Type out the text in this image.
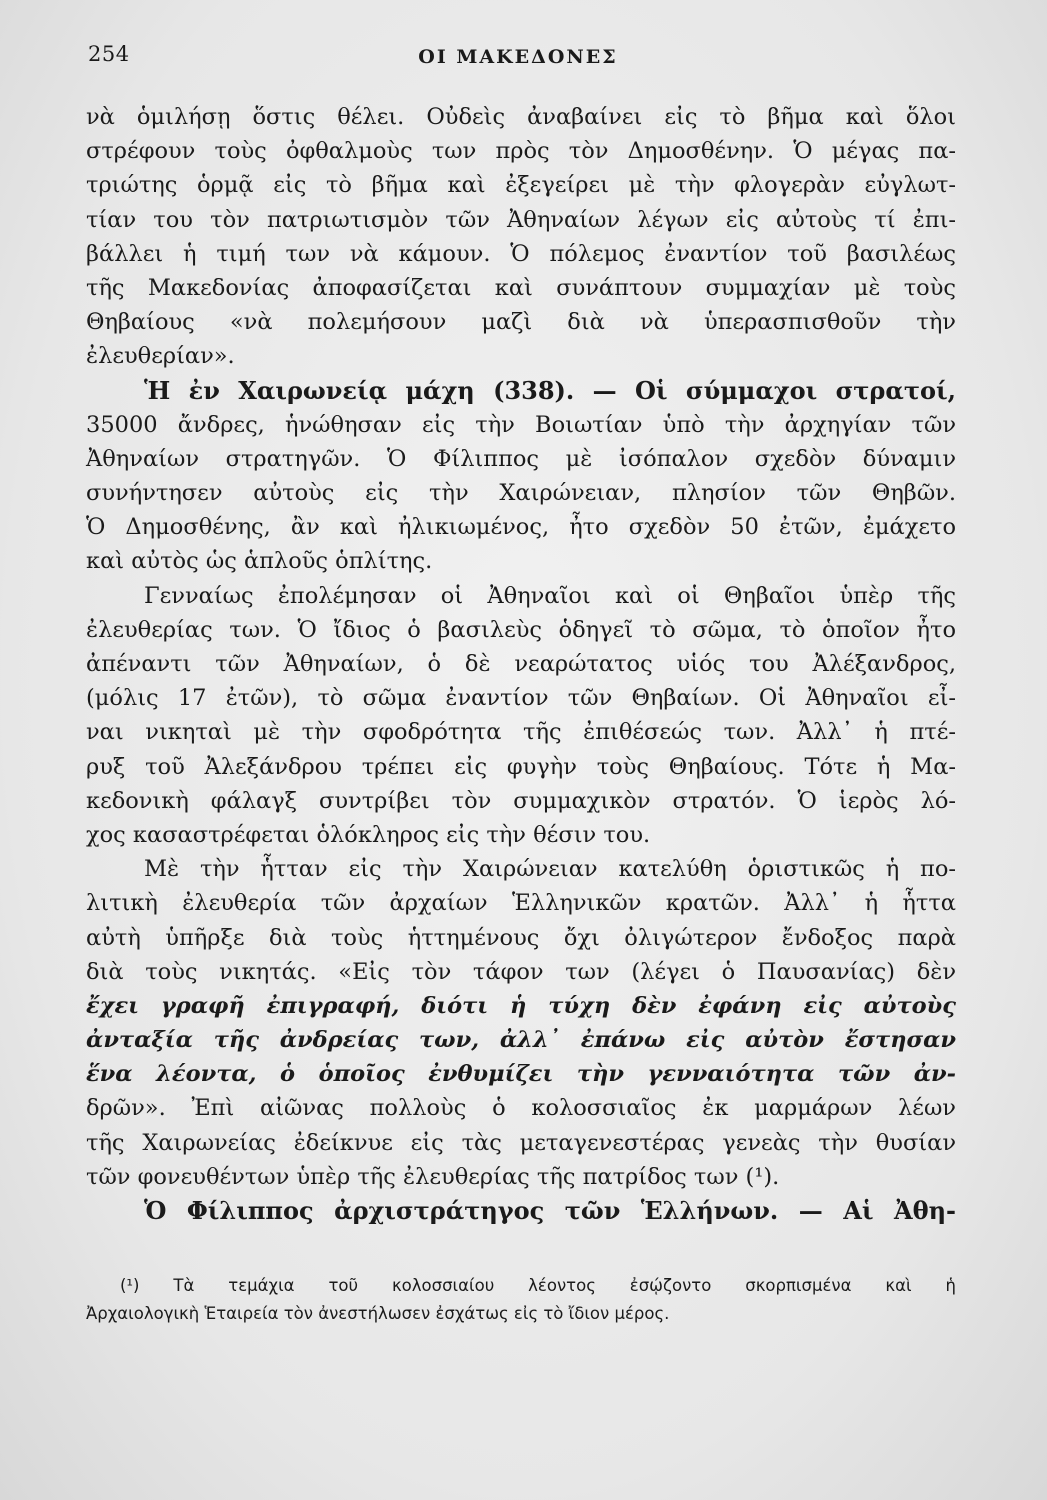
254	ΟΙ ΜΑΚΕΔΟΝΕΣ
νὰ ὁμιλήσῃ ὅστις θέλει. Οὐδεὶς ἀναβαίνει εἰς τὸ βῆμα καὶ ὅλοι
στρέφουν τοὺς ὀφθαλμοὺς των πρὸς τὸν Δημοσθένην. Ὁ μέγας πα-
τριώτης ὁρμᾷ εἰς τὸ βῆμα καὶ ἐξεγείρει μὲ τὴν φλογερὰν εὐγλωτ-
τίαν του τὸν πατριωτισμὸν τῶν Ἀθηναίων λέγων εἰς αὐτοὺς τί ἐπι-
βάλλει ἡ τιμή των νὰ κάμουν. Ὁ πόλεμος ἐναντίον τοῦ βασιλέως
τῆς Μακεδονίας ἀποφασίζεται καὶ συνάπτουν συμμαχίαν μὲ τοὺς
Θηβαίους «νὰ πολεμήσουν μαζὶ διὰ νὰ ὑπερασπισθοῦν τὴν
ἐλευθερίαν».
Ἡ ἐν Χαιρωνείᾳ μάχη (338). — Οἱ σύμμαχοι στρατοί,
35000 ἄνδρες, ἡνώθησαν εἰς τὴν Βοιωτίαν ὑπὸ τὴν ἀρχηγίαν τῶν
Ἀθηναίων στρατηγῶν. Ὁ Φίλιππος μὲ ἰσόπαλον σχεδὸν δύναμιν
συνήντησεν αὐτοὺς εἰς τὴν Χαιρώνειαν, πλησίον τῶν Θηβῶν.
Ὁ Δημοσθένης, ἂν καὶ ἠλικιωμένος, ἦτο σχεδὸν 50 ἐτῶν, ἐμάχετο
καὶ αὐτὸς ὡς ἁπλοῦς ὁπλίτης.
Γενναίως ἐπολέμησαν οἱ Ἀθηναῖοι καὶ οἱ Θηβαῖοι ὑπὲρ τῆς
ἐλευθερίας των. Ὁ ἴδιος ὁ βασιλεὺς ὁδηγεῖ τὸ σῶμα, τὸ ὁποῖον ἦτο
ἀπέναντι τῶν Ἀθηναίων, ὁ δὲ νεαρώτατος υἱός του Ἀλέξανδρος,
(μόλις 17 ἐτῶν), τὸ σῶμα ἐναντίον τῶν Θηβαίων. Οἱ Ἀθηναῖοι εἶ-
ναι νικηταὶ μὲ τὴν σφοδρότητα τῆς ἐπιθέσεώς των. Ἀλλ᾽ ἡ πτέ-
ρυξ τοῦ Ἀλεξάνδρου τρέπει εἰς φυγὴν τοὺς Θηβαίους. Τότε ἡ Μα-
κεδονικὴ φάλαγξ συντρίβει τὸν συμμαχικὸν στρατόν. Ὁ ἱερὸς λό-
χος κασαστρέφεται ὁλόκληρος εἰς τὴν θέσιν του.
Μὲ τὴν ἧτταν εἰς τὴν Χαιρώνειαν κατελύθη ὁριστικῶς ἡ πο-
λιτικὴ ἐλευθερία τῶν ἀρχαίων Ἑλληνικῶν κρατῶν. Ἀλλ᾽ ἡ ἧττα
αὐτὴ ὑπῆρξε διὰ τοὺς ἡττημένους ὄχι ὀλιγώτερον ἔνδοξος παρὰ
διὰ τοὺς νικητάς. «Εἰς τὸν τάφον των (λέγει ὁ Παυσανίας) δὲν
ἔχει γραφῆ ἐπιγραφή, διότι ἡ τύχη δὲν ἐφάνη εἰς αὐτοὺς
ἀνταξία τῆς ἀνδρείας των, ἀλλ᾽ ἐπάνω εἰς αὐτὸν ἔστησαν
ἕνα λέοντα, ὁ ὁποῖος ἐνθυμίζει τὴν γενναιότητα τῶν ἀν-
δρῶν». Ἐπὶ αἰῶνας πολλοὺς ὁ κολοσσιαῖος ἐκ μαρμάρων λέων
τῆς Χαιρωνείας ἐδείκνυε εἰς τὰς μεταγενεστέρας γενεὰς τὴν θυσίαν
τῶν φονευθέντων ὑπὲρ τῆς ἐλευθερίας τῆς πατρίδος των (¹).
Ὁ Φίλιππος ἀρχιστράτηγος τῶν Ἑλλήνων. — Αἱ Ἀθη-
(¹) Τὰ τεμάχια τοῦ κολοσσιαίου λέοντος ἐσῴζοντο σκορπισμένα καὶ ἡ
Ἀρχαιολογικὴ Ἑταιρεία τὸν ἀνεστήλωσεν ἐσχάτως εἰς τὸ ἴδιον μέρος.
